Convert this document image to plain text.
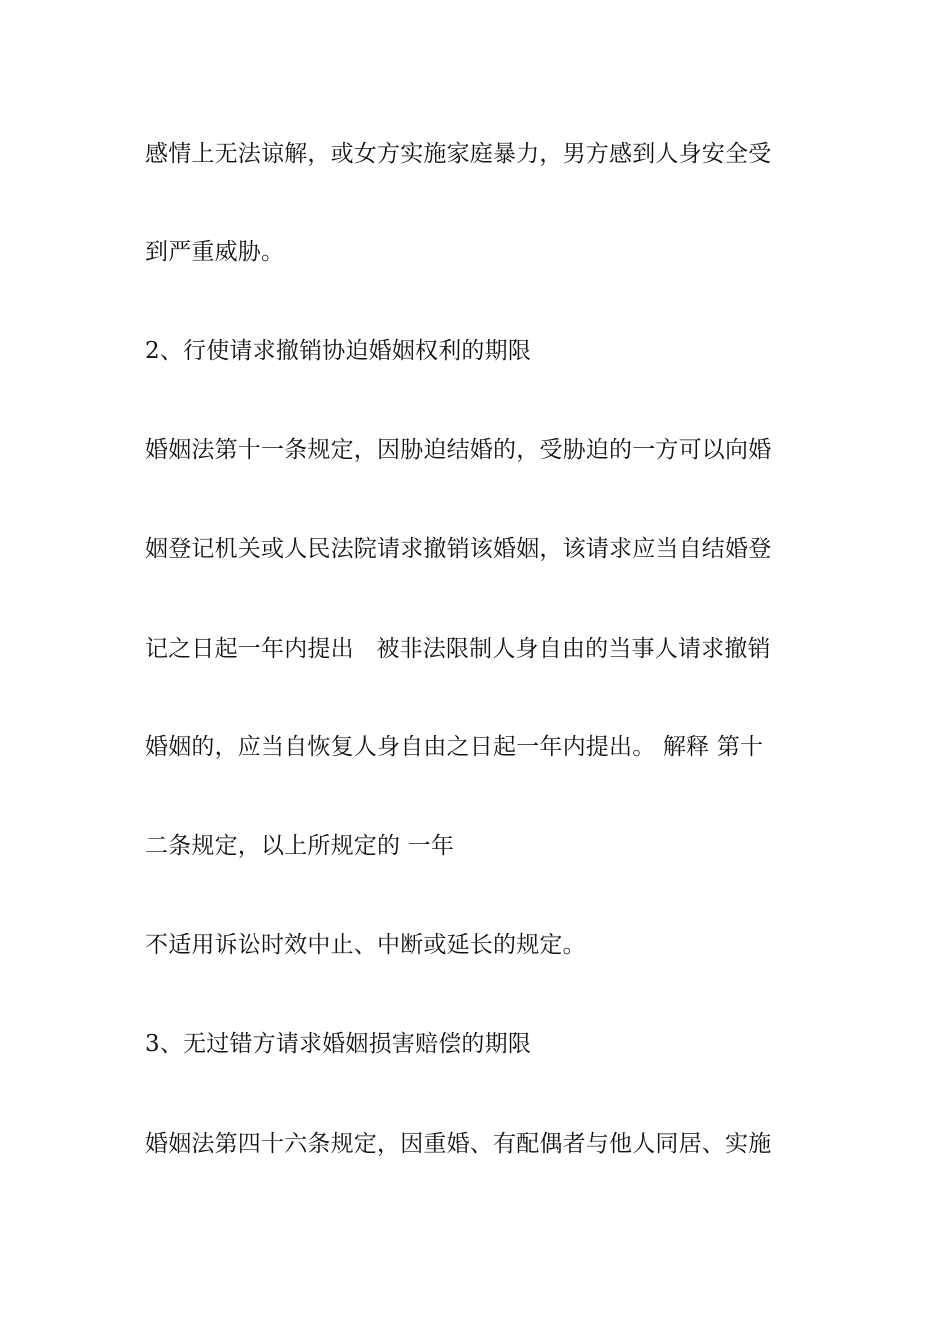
感情上无法谅解，或女方实施家庭暴力，男方感到人身安全受
到严重威胁。
2、行使请求撤销协迫婚姻权利的期限
婚姻法第十一条规定，因胁迫结婚的，受胁迫的一方可以向婚
姻登记机关或人民法院请求撤销该婚姻，该请求应当自结婚登
记之日起一年内提出   被非法限制人身自由的当事人请求撤销
婚姻的，应当自恢复人身自由之日起一年内提出。 解释 第十
二条规定，以上所规定的 一年
不适用诉讼时效中止、中断或延长的规定。
3、无过错方请求婚姻损害赔偿的期限
婚姻法第四十六条规定，因重婚、有配偶者与他人同居、实施
